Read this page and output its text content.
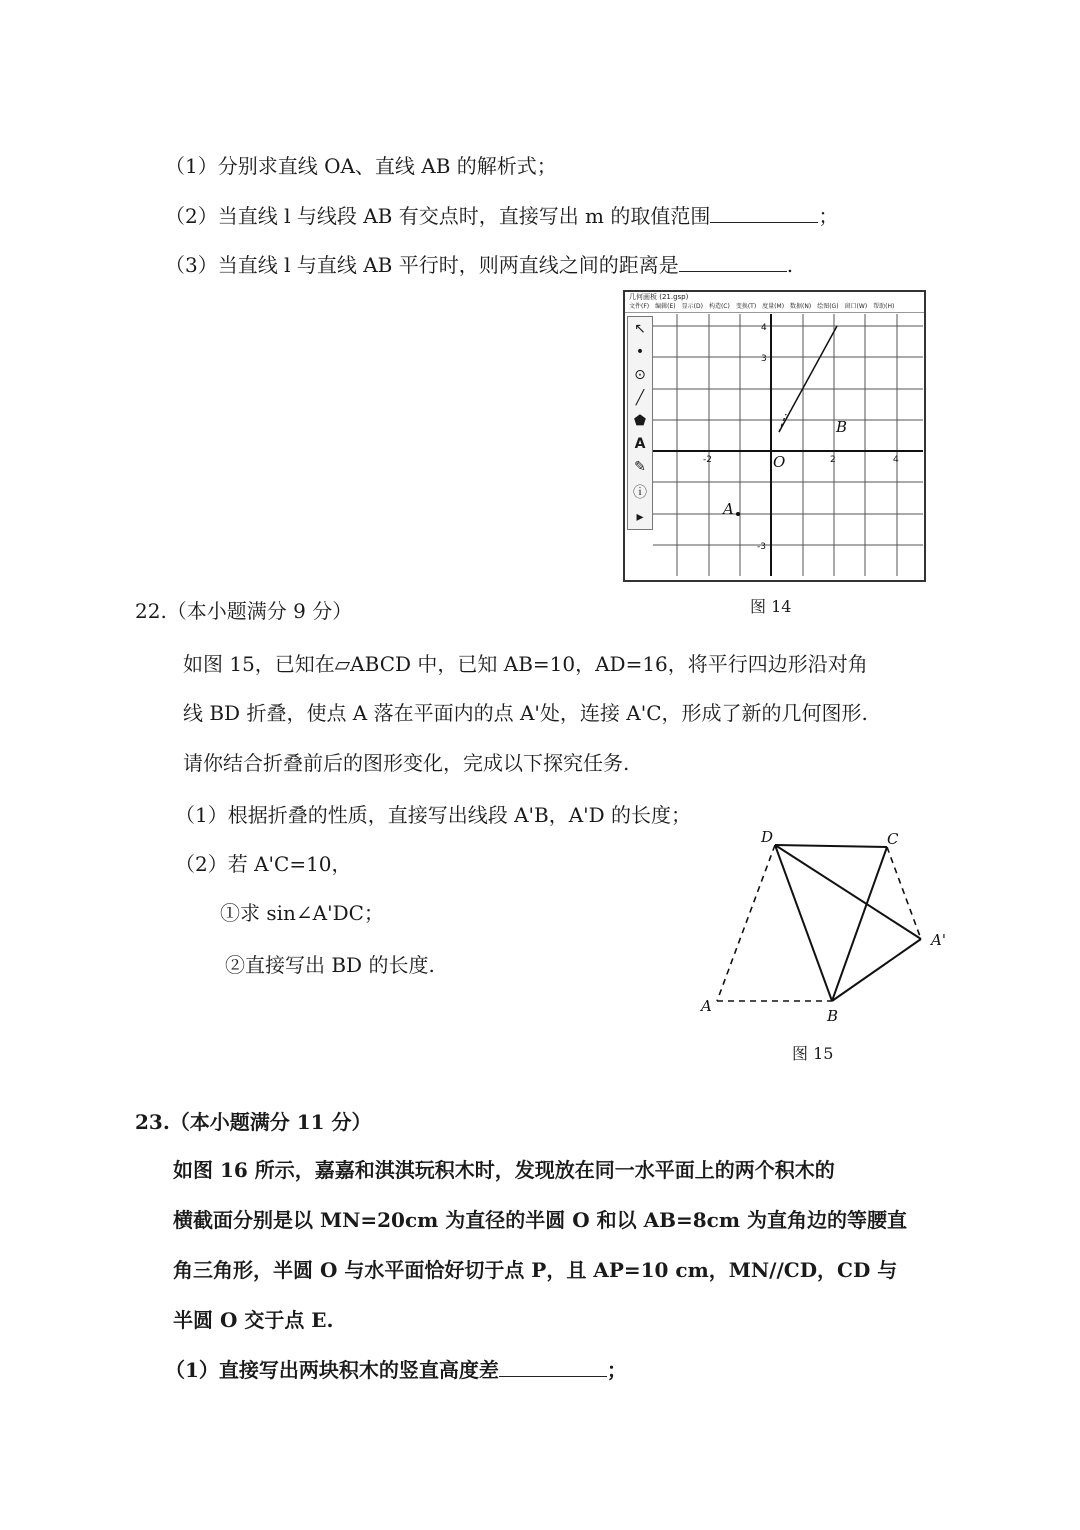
（1）分别求直线 OA、直线 AB 的解析式；
（2）当直线 l 与线段 AB 有交点时，直接写出 m 的取值范围	；
（3）当直线 l 与直线 AB 平行时，则两直线之间的距离是	.
几何画板 (21.gsp)
文件(F) 编辑(E) 显示(D) 构造(C) 变换(T) 度量(M) 数据(N) 绘图(G) 窗口(W) 帮助(H)
↖
•
⊙
╱
⬟
A
✎
ⓘ
▸
-2	2	4
4
3
-3
O
B
A
图 14
22.（本小题满分 9 分）
如图 15，已知在▱ABCD 中，已知 AB=10，AD=16，将平行四边形沿对角
线 BD 折叠，使点 A 落在平面内的点 A'处，连接 A'C，形成了新的几何图形.
请你结合折叠前后的图形变化，完成以下探究任务.
（1）根据折叠的性质，直接写出线段 A'B，A'D 的长度；
（2）若 A'C=10，
①求 sin∠A'DC；
②直接写出 BD 的长度.
D	C
A'
A
B
图 15
23.（本小题满分 11 分）
如图 16 所示，嘉嘉和淇淇玩积木时，发现放在同一水平面上的两个积木的
横截面分别是以 MN=20cm 为直径的半圆 O 和以 AB=8cm 为直角边的等腰直
角三角形，半圆 O 与水平面恰好切于点 P，且 AP=10 cm，MN//CD，CD 与
半圆 O 交于点 E.
（1）直接写出两块积木的竖直高度差	；
